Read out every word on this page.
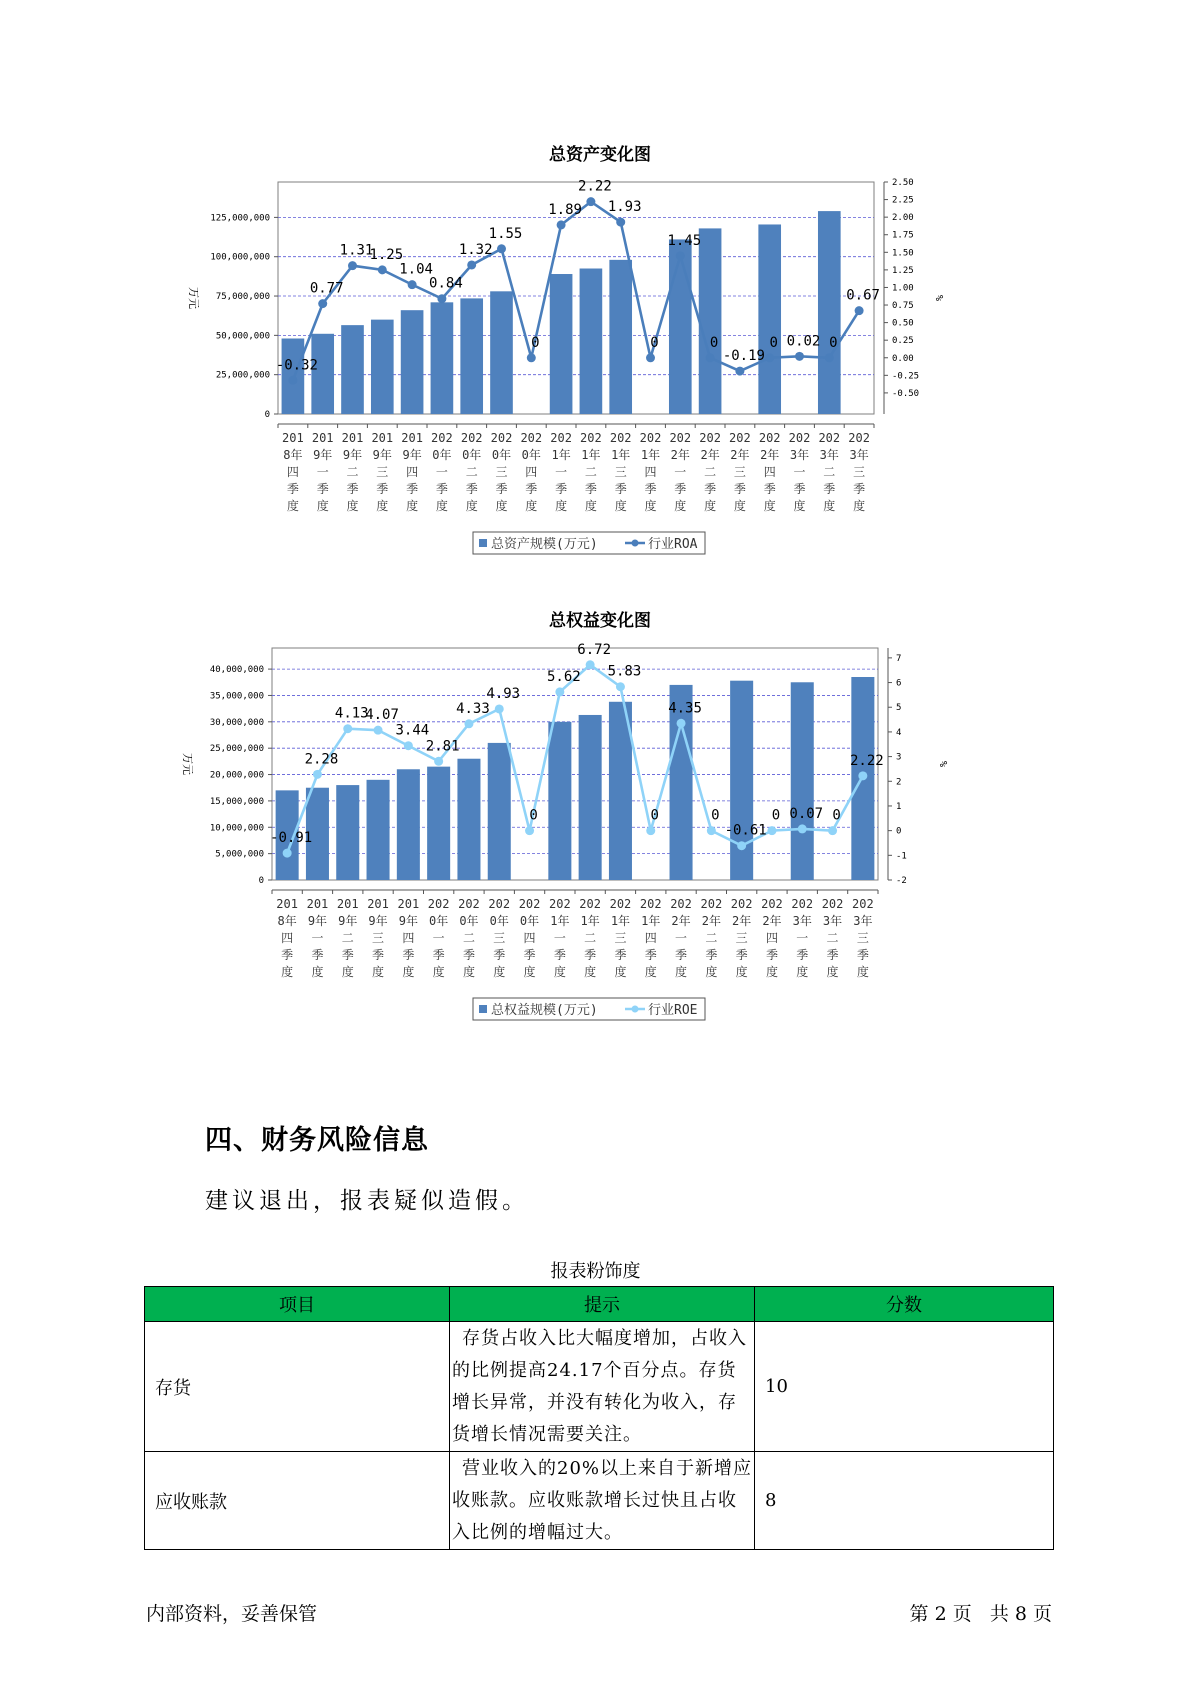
总资产变化图
0
25,000,000
50,000,000
75,000,000
100,000,000
125,000,000
-0.50
-0.25
0.00
0.25
0.50
0.75
1.00
1.25
1.50
1.75
2.00
2.25
2.50
万元	%
201
8年
四
季
度
201
9年
一
季
度
201
9年
二
季
度
201
9年
三
季
度
201
9年
四
季
度
202
0年
一
季
度
202
0年
二
季
度
202
0年
三
季
度
202
0年
四
季
度
202
1年
一
季
度
202
1年
二
季
度
202
1年
三
季
度
202
1年
四
季
度
202
2年
一
季
度
202
2年
二
季
度
202
2年
三
季
度
202
2年
四
季
度
202
3年
一
季
度
202
3年
二
季
度
202
3年
三
季
度
-0.32
0.77
1.31
1.25
1.04
0.84
1.32
1.55
0
1.89
2.22
1.93
0
1.45
0
-0.19
0 0.02 0
0.67
总资产规模(万元)	行业ROA
总权益变化图
0
5,000,000
10,000,000
15,000,000
20,000,000
25,000,000
30,000,000
35,000,000
40,000,000
-2
-1
0
1
2
3
4
5
6
7
万元	%
201
8年
四
季
度
201
9年
一
季
度
201
9年
二
季
度
201
9年
三
季
度
201
9年
四
季
度
202
0年
一
季
度
202
0年
二
季
度
202
0年
三
季
度
202
0年
四
季
度
202
1年
一
季
度
202
1年
二
季
度
202
1年
三
季
度
202
1年
四
季
度
202
2年
一
季
度
202
2年
二
季
度
202
2年
三
季
度
202
2年
四
季
度
202
3年
一
季
度
202
3年
二
季
度
202
3年
三
季
度
-0.91
2.28
4.13
4.07
3.44
2.81
4.33
4.93
0
5.62
6.72
5.83
0
4.35
0
-0.61
0 0.07 0
2.22
总权益规模(万元)	行业ROE
四、财务风险信息
建议退出，报表疑似造假。
报表粉饰度
项目	提示	分数
存货	存货占收入比大幅度增加，占收入的比例提高24.17个百分点。存货增长异常，并没有转化为收入，存货增长情况需要关注。	10
应收账款	营业收入的20%以上来自于新增应收账款。应收账款增长过快且占收入比例的增幅过大。	8
内部资料，妥善保管	第 2 页   共 8 页
